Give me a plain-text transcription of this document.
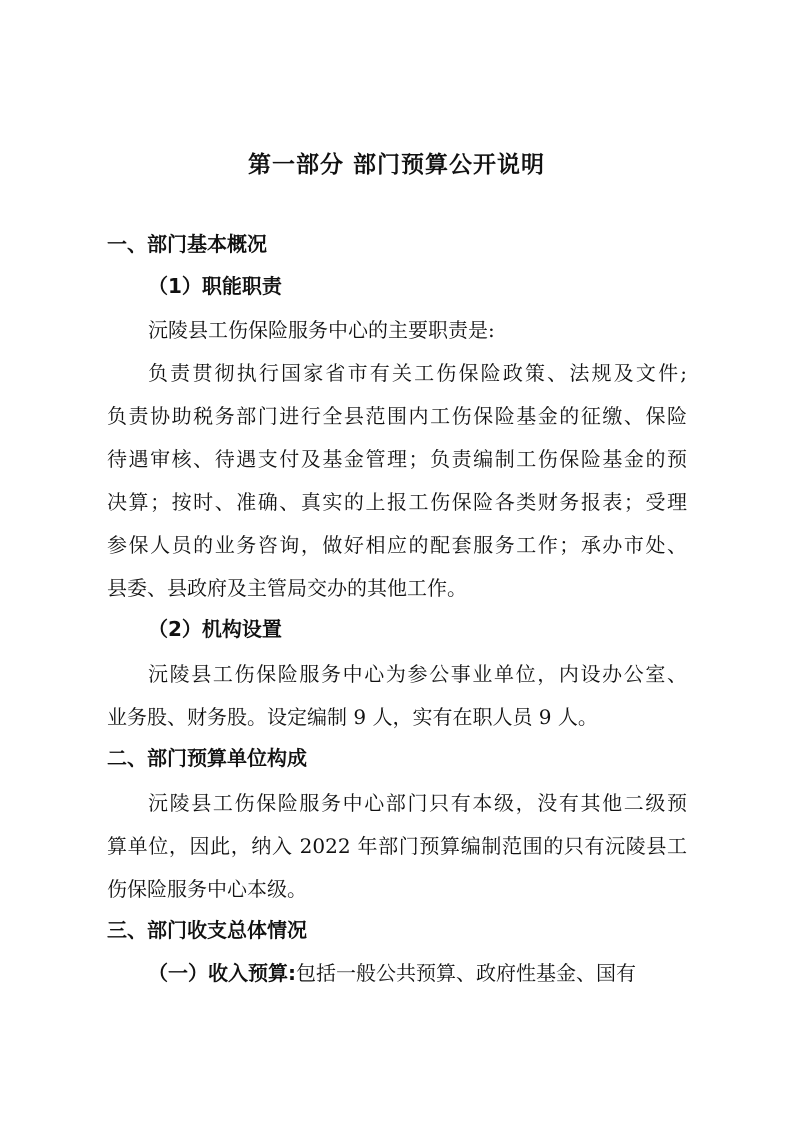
第一部分 部门预算公开说明
一、部门基本概况
（1）职能职责
沅陵县工伤保险服务中心的主要职责是:
负责贯彻执行国家省市有关工伤保险政策、法规及文件;
负责协助税务部门进行全县范围内工伤保险基金的征缴、保险
待遇审核、待遇支付及基金管理；负责编制工伤保险基金的预
决算；按时、准确、真实的上报工伤保险各类财务报表；受理
参保人员的业务咨询，做好相应的配套服务工作；承办市处、
县委、县政府及主管局交办的其他工作。
（2）机构设置
沅陵县工伤保险服务中心为参公事业单位，内设办公室、
业务股、财务股。设定编制 9 人，实有在职人员 9 人。
二、部门预算单位构成
沅陵县工伤保险服务中心部门只有本级，没有其他二级预
算单位，因此，纳入 2022 年部门预算编制范围的只有沅陵县工
伤保险服务中心本级。
三、部门收支总体情况
（一）收入预算:包括一般公共预算、政府性基金、国有
